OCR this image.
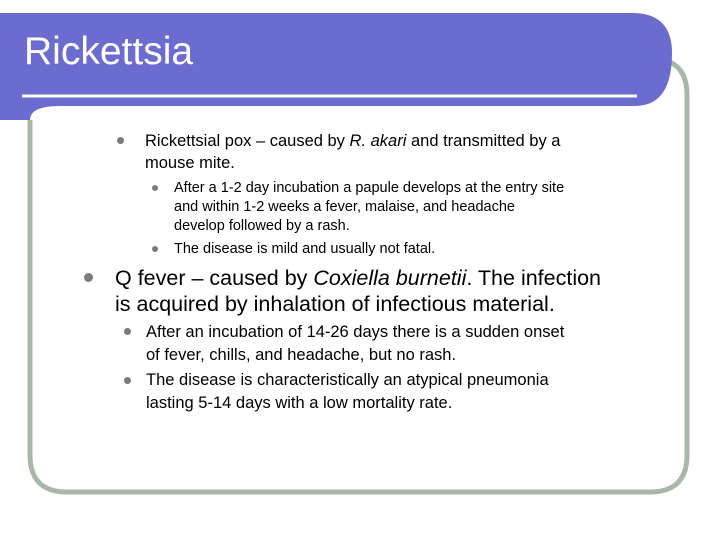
Rickettsia
Rickettsial pox – caused by R. akari and transmitted by a
mouse mite.
After a 1-2 day incubation a papule develops at the entry site
and within 1-2 weeks a fever, malaise, and headache
develop followed by a rash.
The disease is mild and usually not fatal.
Q fever – caused by Coxiella burnetii. The infection
is acquired by inhalation of infectious material.
After an incubation of 14-26 days there is a sudden onset
of fever, chills, and headache, but no rash.
The disease is characteristically an atypical pneumonia
lasting 5-14 days with a low mortality rate.
